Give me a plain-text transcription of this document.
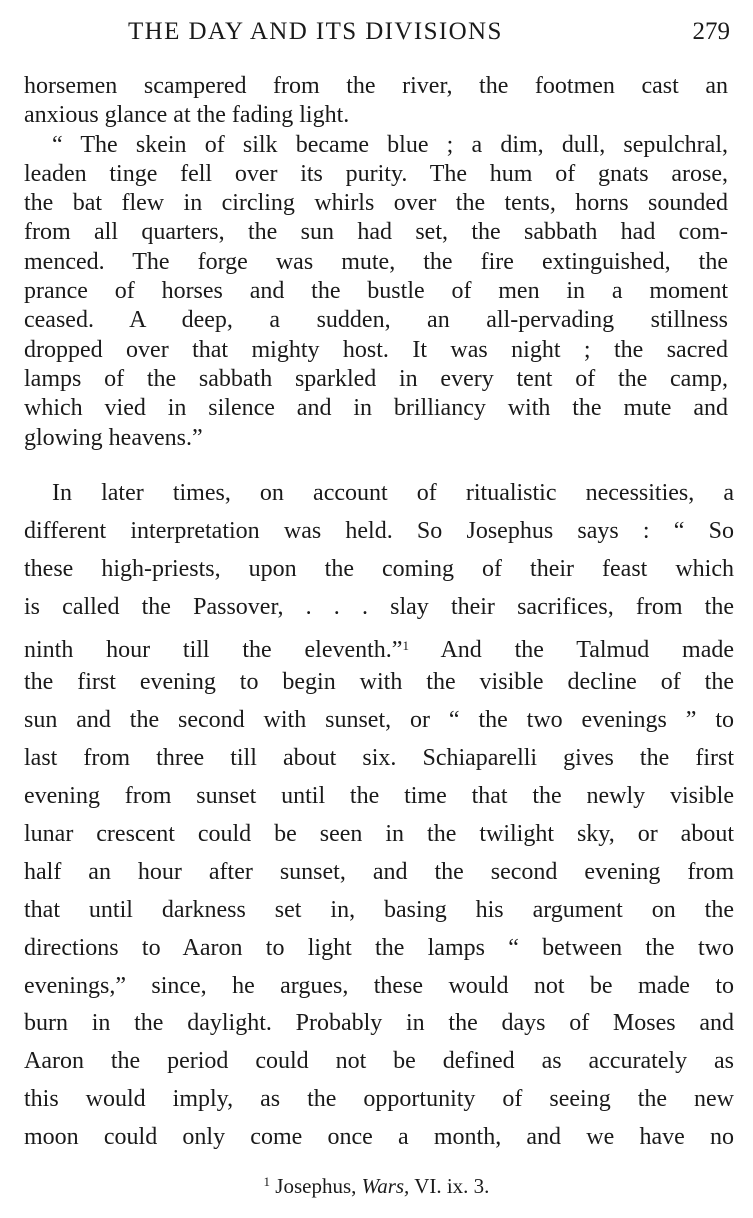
THE DAY AND ITS DIVISIONS	279
horsemen scampered from the river, the footmen cast an
anxious glance at the fading light.
“ The skein of silk became blue ; a dim, dull, sepulchral,
leaden tinge fell over its purity. The hum of gnats arose,
the bat flew in circling whirls over the tents, horns sounded
from all quarters, the sun had set, the sabbath had com-
menced. The forge was mute, the fire extinguished, the
prance of horses and the bustle of men in a moment
ceased. A deep, a sudden, an all-pervading stillness
dropped over that mighty host. It was night ; the sacred
lamps of the sabbath sparkled in every tent of the camp,
which vied in silence and in brilliancy with the mute and
glowing heavens.”
In later times, on account of ritualistic necessities, a
different interpretation was held. So Josephus says : “ So
these high-priests, upon the coming of their feast which
is called the Passover, . . . slay their sacrifices, from the
ninth hour till the eleventh.”$^1$ And the Talmud made
the first evening to begin with the visible decline of the
sun and the second with sunset, or “ the two evenings ” to
last from three till about six. Schiaparelli gives the first
evening from sunset until the time that the newly visible
lunar crescent could be seen in the twilight sky, or about
half an hour after sunset, and the second evening from
that until darkness set in, basing his argument on the
directions to Aaron to light the lamps “ between the two
evenings,” since, he argues, these would not be made to
burn in the daylight. Probably in the days of Moses and
Aaron the period could not be defined as accurately as
this would imply, as the opportunity of seeing the new
moon could only come once a month, and we have no
$^1$ Josephus, Wars, VI. ix. 3.
